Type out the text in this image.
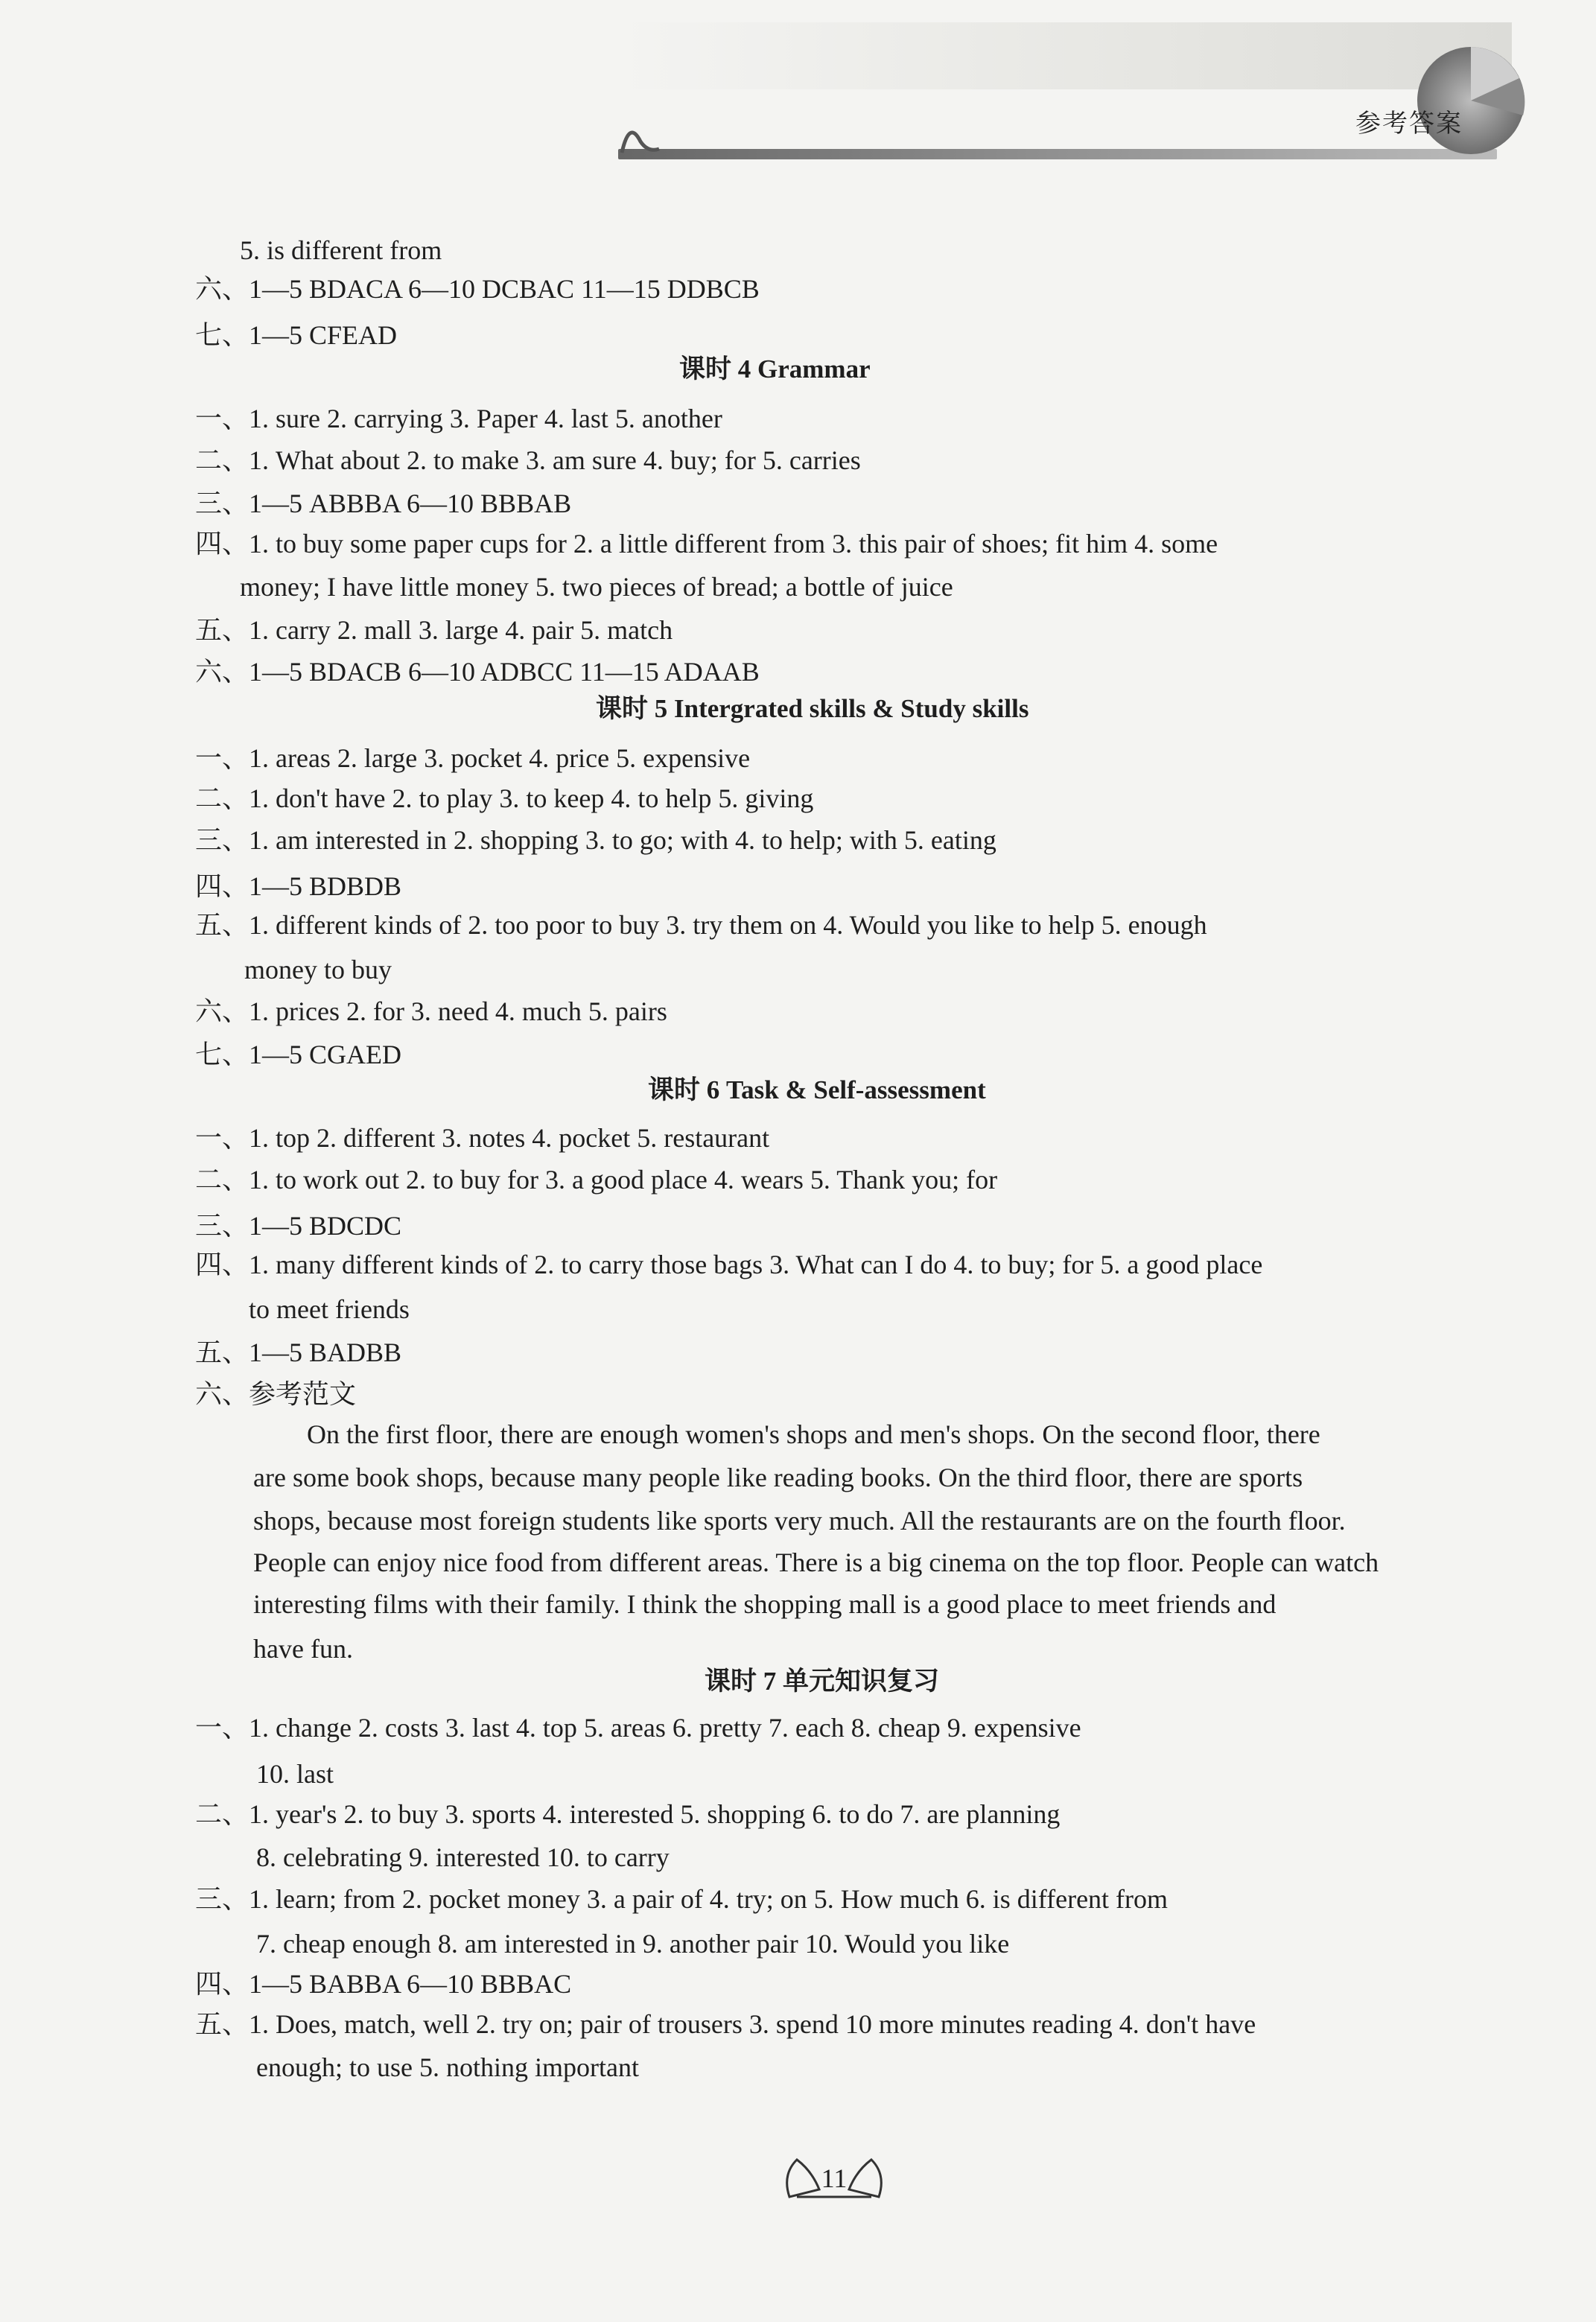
参考答案
5. is different from
六、1—5 BDACA 6—10 DCBAC 11—15 DDBCB
七、1—5 CFEAD
课时 4 Grammar
一、1. sure 2. carrying 3. Paper 4. last 5. another
二、1. What about 2. to make 3. am sure 4. buy; for 5. carries
三、1—5 ABBBA 6—10 BBBAB
四、1. to buy some paper cups for 2. a little different from 3. this pair of shoes; fit him 4. some
money; I have little money 5. two pieces of bread; a bottle of juice
五、1. carry 2. mall 3. large 4. pair 5. match
六、1—5 BDACB 6—10 ADBCC 11—15 ADAAB
课时 5 Intergrated skills & Study skills
一、1. areas 2. large 3. pocket 4. price 5. expensive
二、1. don't have 2. to play 3. to keep 4. to help 5. giving
三、1. am interested in 2. shopping 3. to go; with 4. to help; with 5. eating
四、1—5 BDBDB
五、1. different kinds of 2. too poor to buy 3. try them on 4. Would you like to help 5. enough
money to buy
六、1. prices 2. for 3. need 4. much 5. pairs
七、1—5 CGAED
课时 6 Task & Self-assessment
一、1. top 2. different 3. notes 4. pocket 5. restaurant
二、1. to work out 2. to buy for 3. a good place 4. wears 5. Thank you; for
三、1—5 BDCDC
四、1. many different kinds of 2. to carry those bags 3. What can I do 4. to buy; for 5. a good place
to meet friends
五、1—5 BADBB
六、参考范文
On the first floor, there are enough women's shops and men's shops. On the second floor, there
are some book shops, because many people like reading books. On the third floor, there are sports
shops, because most foreign students like sports very much. All the restaurants are on the fourth floor.
People can enjoy nice food from different areas. There is a big cinema on the top floor. People can watch
interesting films with their family. I think the shopping mall is a good place to meet friends and
have fun.
课时 7 单元知识复习
一、1. change 2. costs 3. last 4. top 5. areas 6. pretty 7. each 8. cheap 9. expensive
10. last
二、1. year's 2. to buy 3. sports 4. interested 5. shopping 6. to do 7. are planning
8. celebrating 9. interested 10. to carry
三、1. learn; from 2. pocket money 3. a pair of 4. try; on 5. How much 6. is different from
7. cheap enough 8. am interested in 9. another pair 10. Would you like
四、1—5 BABBA 6—10 BBBAC
五、1. Does, match, well 2. try on; pair of trousers 3. spend 10 more minutes reading 4. don't have
enough; to use 5. nothing important
11
